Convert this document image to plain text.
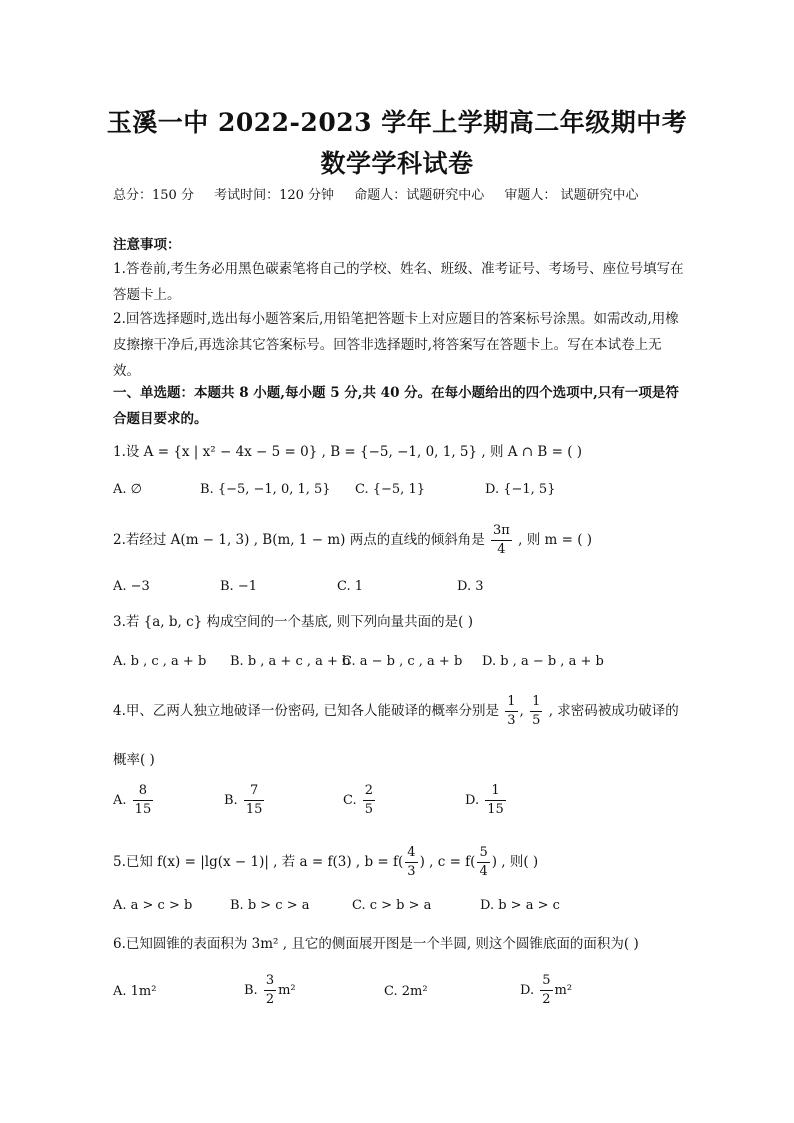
玉溪一中 2022-2023 学年上学期高二年级期中考
数学学科试卷
总分：150 分 考试时间：120 分钟 命题人：试题研究中心 审题人： 试题研究中心
注意事项：
1.答卷前,考生务必用黑色碳素笔将自己的学校、姓名、班级、准考证号、考场号、座位号填写在答题卡上。
2.回答选择题时,选出每小题答案后,用铅笔把答题卡上对应题目的答案标号涂黑。如需改动,用橡皮擦擦干净后,再选涂其它答案标号。回答非选择题时,将答案写在答题卡上。写在本试卷上无效。
一、单选题：本题共 8 小题,每小题 5 分,共 40 分。在每小题给出的四个选项中,只有一项是符合题目要求的。
1.设 A = {x | x² − 4x − 5 = 0} , B = {−5, −1, 0, 1, 5} , 则 A ∩ B = ( )
A. ∅	B. {−5, −1, 0, 1, 5} C. {−5, 1}	D. {−1, 5}
2.若经过 A(m − 1, 3) , B(m, 1 − m) 两点的直线的倾斜角是 $\frac{3\pi}{4}$ , 则 m = ( )
A. −3	B. −1	C. 1	D. 3
3.若 {a, b, c} 构成空间的一个基底, 则下列向量共面的是( )
A. b , c , a + b B. b , a + c , a + b
C. a − b , c , a + b D. b , a − b , a + b
4.甲、乙两人独立地破译一份密码, 已知各人能破译的概率分别是 $\frac{1}{3}$ , $\frac{1}{5}$ , 求密码被成功破译的
概率( )
A. $\frac{8}{15}$	B. $\frac{7}{15}$	C. $\frac{2}{5}$	D. $\frac{1}{15}$
5.已知 f(x) = |lg(x − 1)| , 若 a = f(3) , $b = f( \frac{4}{3}$ ) , $c = f( \frac{5}{4}$ ) , 则( )
A. a > c > b	B. b > c > a	C. c > b > a	D. b > a > c
6.已知圆锥的表面积为 3m² , 且它的侧面展开图是一个半圆, 则这个圆锥底面的面积为( )
A. 1m²	B. $\frac{3}{2} m^2$	C. 2m²	D. $\frac{5}{2} m^2$
